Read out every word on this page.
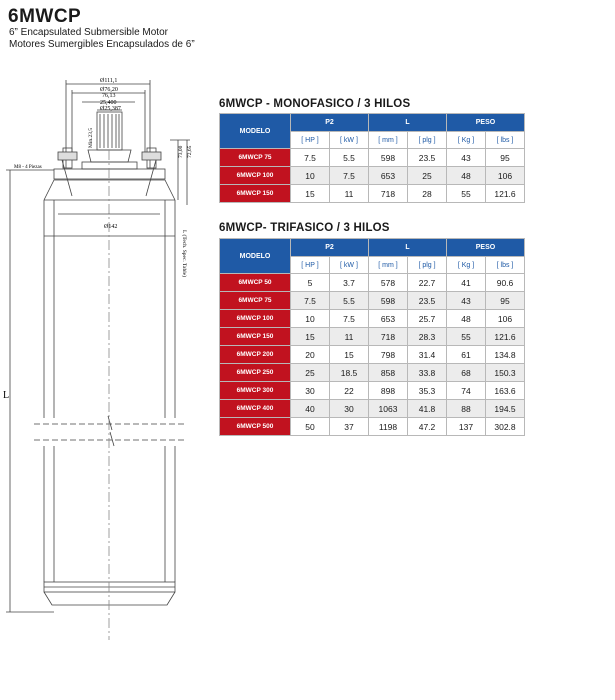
6MWCP
6” Encapsulated Submersible Motor
Motores Sumergibles Encapsulados de 6”
Ø111,1
Ø76,20
76,13
25,400
Ø25,387
Min.23,5
73,00 72,65
M8 - 4 Piezas
Ø142
L (Tech. Spec. Table)
L
6MWCP - MONOFASICO / 3 HILOS
MODELO	P2		L		PESO	
	[ HP ]	[ kW ]	[ mm ]	[ plg ]	[ Kg ]	[ lbs ]
6MWCP 75	7.5	5.5	598	23.5	43	95
6MWCP 100	10	7.5	653	25	48	106
6MWCP 150	15	11	718	28	55	121.6
6MWCP- TRIFASICO / 3 HILOS
MODELO	P2		L		PESO	
	[ HP ]	[ kW ]	[ mm ]	[ plg ]	[ Kg ]	[ lbs ]
6MWCP 50	5	3.7	578	22.7	41	90.6
6MWCP 75	7.5	5.5	598	23.5	43	95
6MWCP 100	10	7.5	653	25.7	48	106
6MWCP 150	15	11	718	28.3	55	121.6
6MWCP 200	20	15	798	31.4	61	134.8
6MWCP 250	25	18.5	858	33.8	68	150.3
6MWCP 300	30	22	898	35.3	74	163.6
6MWCP 400	40	30	1063	41.8	88	194.5
6MWCP 500	50	37	1198	47.2	137	302.8
